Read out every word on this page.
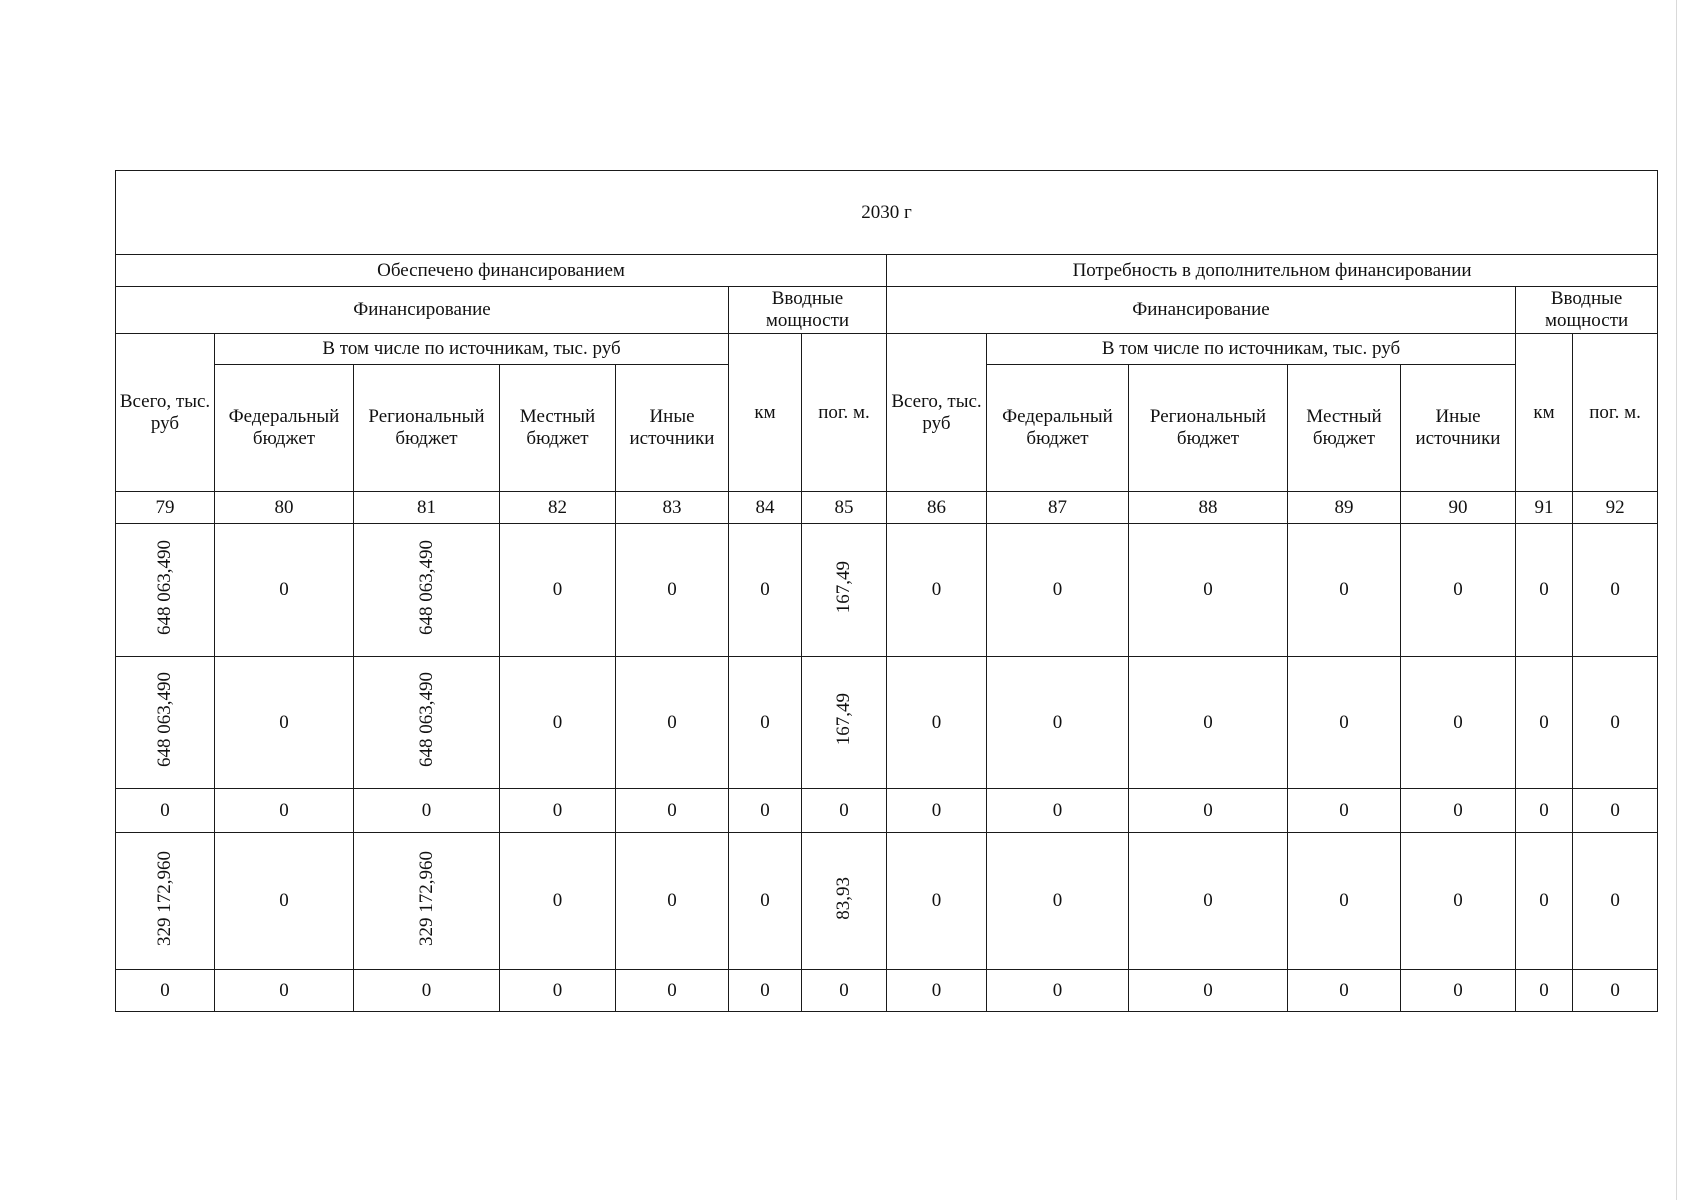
2030 г													
Обеспечено финансированием							Потребность в дополнительном финансировании						
Финансирование					Вводные мощности		Финансирование					Вводные мощности	
Всего, тыс. руб	В том числе по источникам, тыс. руб				км	пог. м.	Всего, тыс. руб	В том числе по источникам, тыс. руб				км	пог. м.
	Федеральный бюджет	Региональный бюджет	Местный бюджет	Иные источники				Федеральный бюджет	Региональный бюджет	Местный бюджет	Иные источники		
79	80	81	82	83	84	85	86	87	88	89	90	91	92
648 063,490	0	648 063,490	0	0	0	167,49	0	0	0	0	0	0	0
648 063,490	0	648 063,490	0	0	0	167,49	0	0	0	0	0	0	0
0	0	0	0	0	0	0	0	0	0	0	0	0	0
329 172,960	0	329 172,960	0	0	0	83,93	0	0	0	0	0	0	0
0	0	0	0	0	0	0	0	0	0	0	0	0	0
